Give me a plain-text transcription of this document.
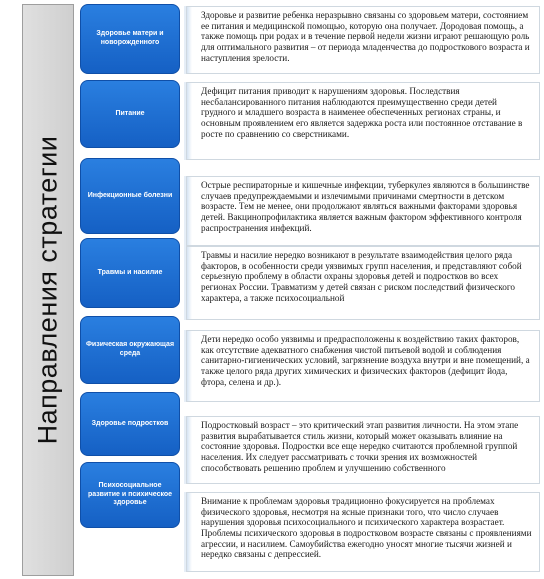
Направления стратегии
Здоровье матери и новорожденного
Здоровье и развитие ребенка неразрывно связаны со здоровьем матери, состоянием ее питания и медицинской помощью, которую она получает. Дородовая помощь, а также помощь при родах и в течение первой недели жизни играют решающую роль для оптимального развития – от периода младенчества до подросткового возраста и наступления зрелости.
Питание
Дефицит питания приводит к нарушениям здоровья. Последствия несбалансированного питания наблюдаются преимущественно среди детей грудного и младшего возраста в наименее обеспеченных регионах страны, и основным проявлением его является задержка роста или постоянное отставание в росте по сравнению со сверстниками.
Инфекционные болезни
Острые респираторные и кишечные инфекции, туберкулез являются в большинстве случаев предупреждаемыми и излечимыми причинами смертности в детском возрасте. Тем не менее, они продолжают являться важными факторами здоровья детей. Вакцинопрофилактика является важным фактором эффективного контроля распространения инфекций.
Травмы и насилие
Травмы и насилие нередко возникают в результате взаимодействия целого ряда факторов, в особенности среди уязвимых групп населения, и представляют собой серьезную проблему в области охраны здоровья детей и подростков во всех регионах России. Травматизм у детей связан с риском последствий физического характера, а также психосоциальной
Физическая окружающая среда
Дети нередко особо уязвимы и предрасположены к воздействию таких факторов, как отсутствие адекватного снабжения чистой питьевой водой и соблюдения санитарно-гигиенических условий, загрязнение воздуха внутри и вне помещений, а также целого ряда других химических и физических факторов (дефицит йода, фтора, селена и др.).
Здоровье подростков	Подростковый возраст – это критический этап развития личности. На этом этапе развития вырабатывается стиль жизни, который может оказывать влияние на состояние здоровья. Подростки все еще нередко считаются проблемной группой населения. Их следует рассматривать с точки зрения их возможностей способствовать решению проблем и улучшению собственного
Психосоциальное развитие и психическое здоровье	Внимание к проблемам здоровья традиционно фокусируется на проблемах физического здоровья, несмотря на ясные признаки того, что число случаев нарушения здоровья психосоциального и психического характера возрастает. Проблемы психического здоровья в подростковом возрасте связаны с проявлениями агрессии, и насилием. Самоубийства ежегодно уносят многие тысячи жизней и нередко связаны с депрессией.
